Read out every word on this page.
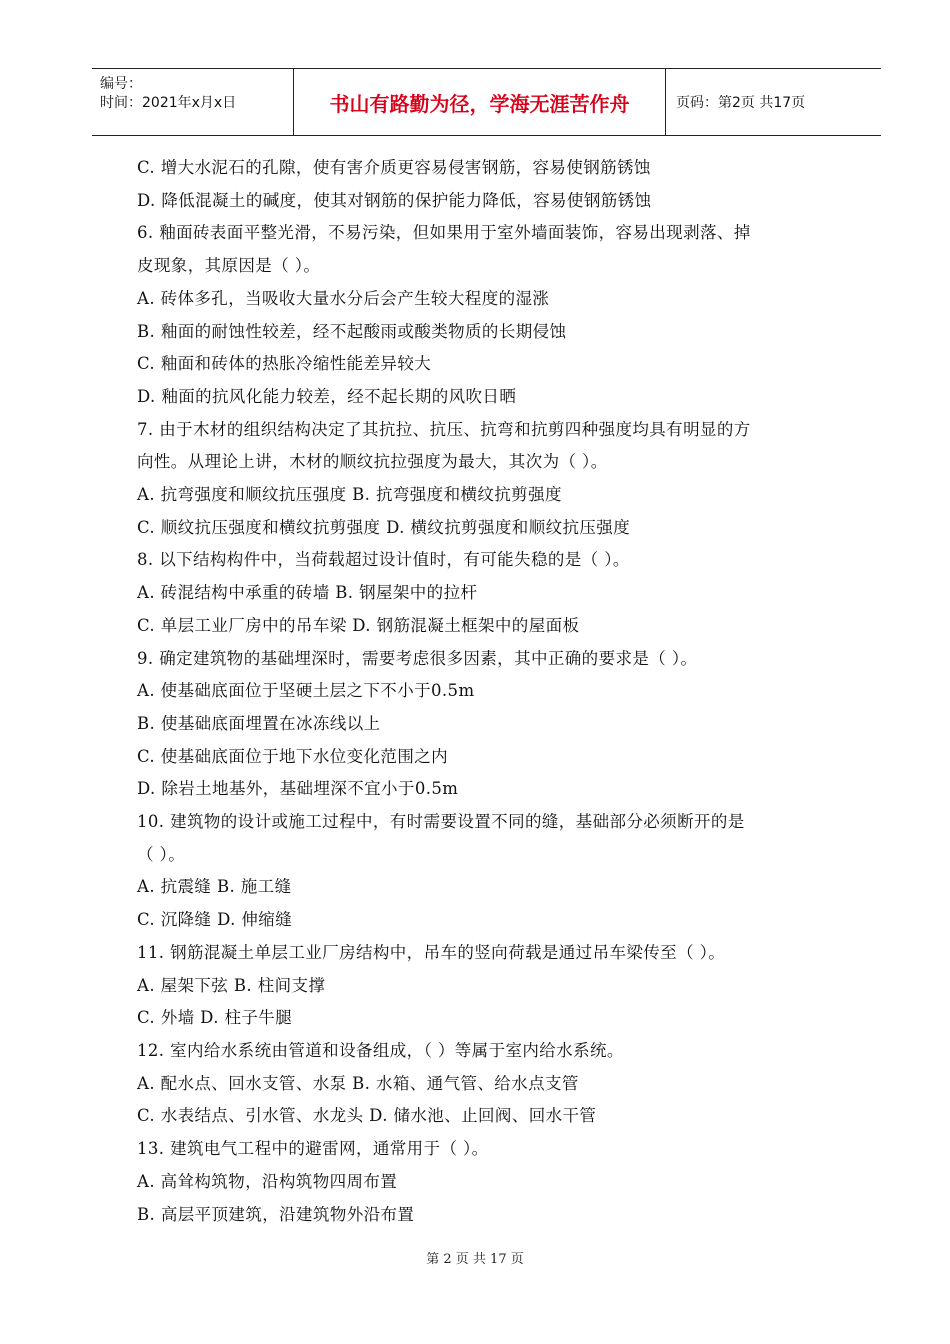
编号：
时间：2021年x月x日	书山有路勤为径，学海无涯苦作舟	页码：第2页 共17页
C. 增大水泥石的孔隙，使有害介质更容易侵害钢筋，容易使钢筋锈蚀
D. 降低混凝土的碱度，使其对钢筋的保护能力降低，容易使钢筋锈蚀
6. 釉面砖表面平整光滑，不易污染，但如果用于室外墙面装饰，容易出现剥落、掉
皮现象，其原因是（ ）。
A. 砖体多孔，当吸收大量水分后会产生较大程度的湿涨
B. 釉面的耐蚀性较差，经不起酸雨或酸类物质的长期侵蚀
C. 釉面和砖体的热胀冷缩性能差异较大
D. 釉面的抗风化能力较差，经不起长期的风吹日晒
7. 由于木材的组织结构决定了其抗拉、抗压、抗弯和抗剪四种强度均具有明显的方
向性。从理论上讲，木材的顺纹抗拉强度为最大，其次为（ ）。
A. 抗弯强度和顺纹抗压强度 B. 抗弯强度和横纹抗剪强度
C. 顺纹抗压强度和横纹抗剪强度 D. 横纹抗剪强度和顺纹抗压强度
8. 以下结构构件中，当荷载超过设计值时，有可能失稳的是（ ）。
A. 砖混结构中承重的砖墙 B. 钢屋架中的拉杆
C. 单层工业厂房中的吊车梁 D. 钢筋混凝土框架中的屋面板
9. 确定建筑物的基础埋深时，需要考虑很多因素，其中正确的要求是（ ）。
A. 使基础底面位于坚硬土层之下不小于0.5m
B. 使基础底面埋置在冰冻线以上
C. 使基础底面位于地下水位变化范围之内
D. 除岩土地基外，基础埋深不宜小于0.5m
10. 建筑物的设计或施工过程中，有时需要设置不同的缝，基础部分必须断开的是
（ ）。
A. 抗震缝 B. 施工缝
C. 沉降缝 D. 伸缩缝
11. 钢筋混凝土单层工业厂房结构中，吊车的竖向荷载是通过吊车梁传至（ ）。
A. 屋架下弦 B. 柱间支撑
C. 外墙 D. 柱子牛腿
12. 室内给水系统由管道和设备组成，（ ）等属于室内给水系统。
A. 配水点、回水支管、水泵 B. 水箱、通气管、给水点支管
C. 水表结点、引水管、水龙头 D. 储水池、止回阀、回水干管
13. 建筑电气工程中的避雷网，通常用于（ ）。
A. 高耸构筑物，沿构筑物四周布置
B. 高层平顶建筑，沿建筑物外沿布置
第 2 页 共 17 页
